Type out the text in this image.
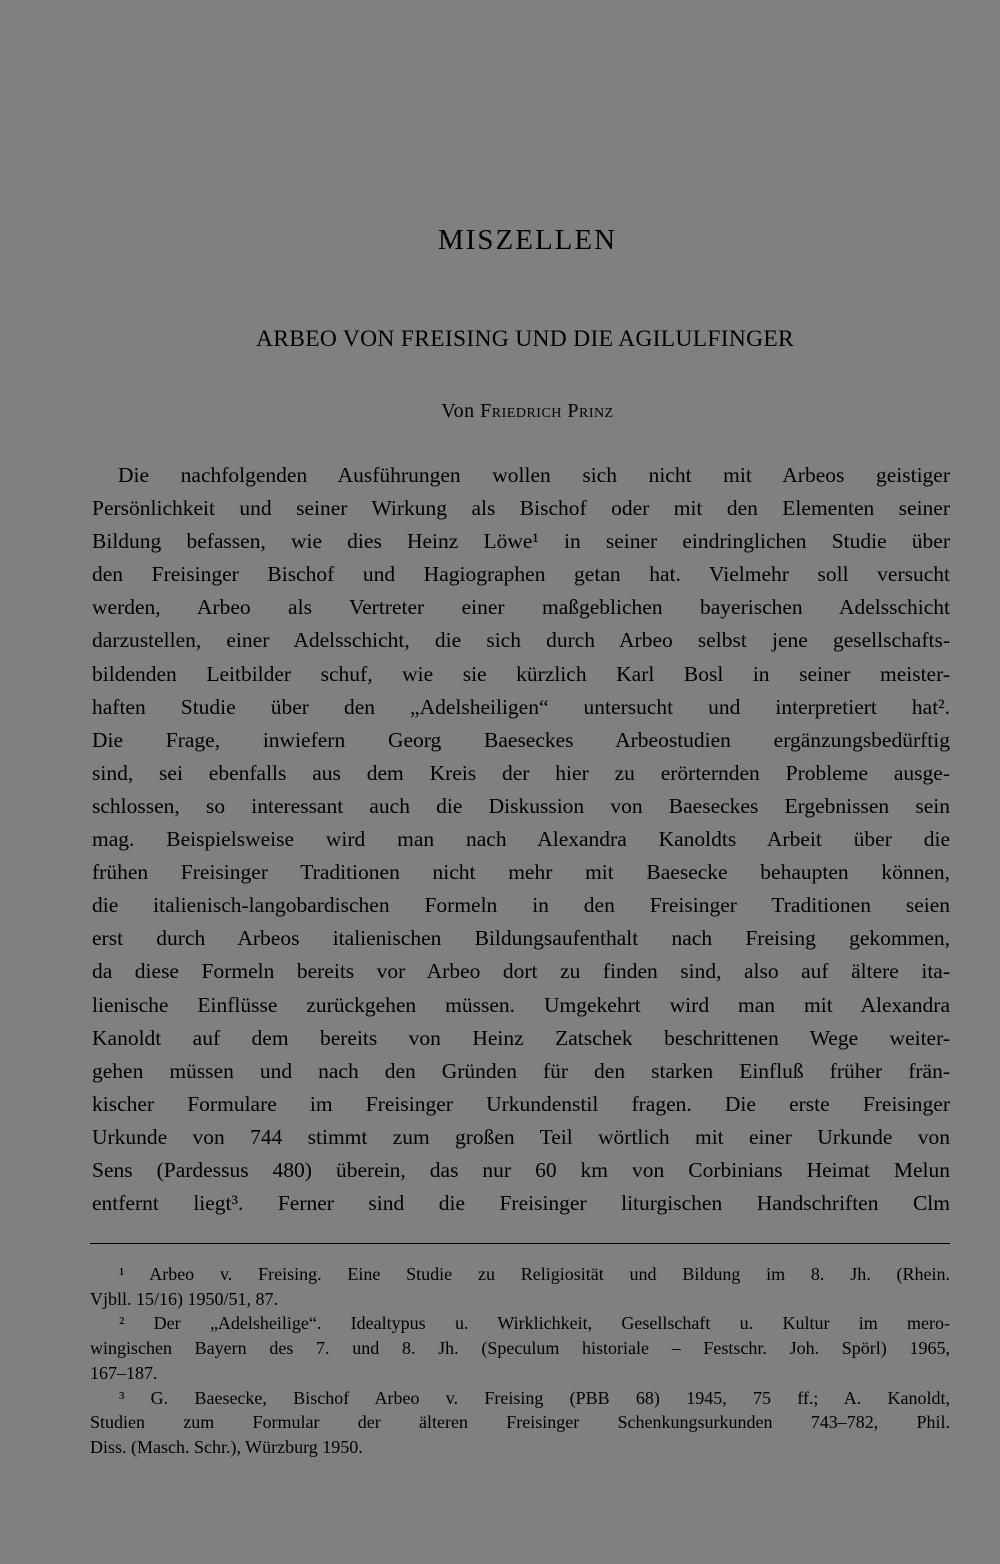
MISZELLEN
ARBEO VON FREISING UND DIE AGILULFINGER

Von Friedrich Prinz

Die nachfolgenden Ausführungen wollen sich nicht mit Arbeos geistiger
Persönlichkeit und seiner Wirkung als Bischof oder mit den Elementen seiner
Bildung befassen, wie dies Heinz Löwe¹ in seiner eindringlichen Studie über
den Freisinger Bischof und Hagiographen getan hat. Vielmehr soll versucht
werden, Arbeo als Vertreter einer maßgeblichen bayerischen Adelsschicht
darzustellen, einer Adelsschicht, die sich durch Arbeo selbst jene gesellschafts-
bildenden Leitbilder schuf, wie sie kürzlich Karl Bosl in seiner meister-
haften Studie über den „Adelsheiligen“ untersucht und interpretiert hat².
Die Frage, inwiefern Georg Baeseckes Arbeostudien ergänzungsbedürftig
sind, sei ebenfalls aus dem Kreis der hier zu erörternden Probleme ausge-
schlossen, so interessant auch die Diskussion von Baeseckes Ergebnissen sein
mag. Beispielsweise wird man nach Alexandra Kanoldts Arbeit über die
frühen Freisinger Traditionen nicht mehr mit Baesecke behaupten können,
die italienisch-langobardischen Formeln in den Freisinger Traditionen seien
erst durch Arbeos italienischen Bildungsaufenthalt nach Freising gekommen,
da diese Formeln bereits vor Arbeo dort zu finden sind, also auf ältere ita-
lienische Einflüsse zurückgehen müssen. Umgekehrt wird man mit Alexandra
Kanoldt auf dem bereits von Heinz Zatschek beschrittenen Wege weiter-
gehen müssen und nach den Gründen für den starken Einfluß früher frän-
kischer Formulare im Freisinger Urkundenstil fragen. Die erste Freisinger
Urkunde von 744 stimmt zum großen Teil wörtlich mit einer Urkunde von
Sens (Pardessus 480) überein, das nur 60 km von Corbinians Heimat Melun
entfernt liegt³. Ferner sind die Freisinger liturgischen Handschriften Clm
¹ Arbeo v. Freising. Eine Studie zu Religiosität und Bildung im 8. Jh. (Rhein.
Vjbll. 15/16) 1950/51, 87.
² Der „Adelsheilige“. Idealtypus u. Wirklichkeit, Gesellschaft u. Kultur im mero-
wingischen Bayern des 7. und 8. Jh. (Speculum historiale – Festschr. Joh. Spörl) 1965,
167–187.
³ G. Baesecke, Bischof Arbeo v. Freising (PBB 68) 1945, 75 ff.; A. Kanoldt,
Studien zum Formular der älteren Freisinger Schenkungsurkunden 743–782, Phil.
Diss. (Masch. Schr.), Würzburg 1950.
